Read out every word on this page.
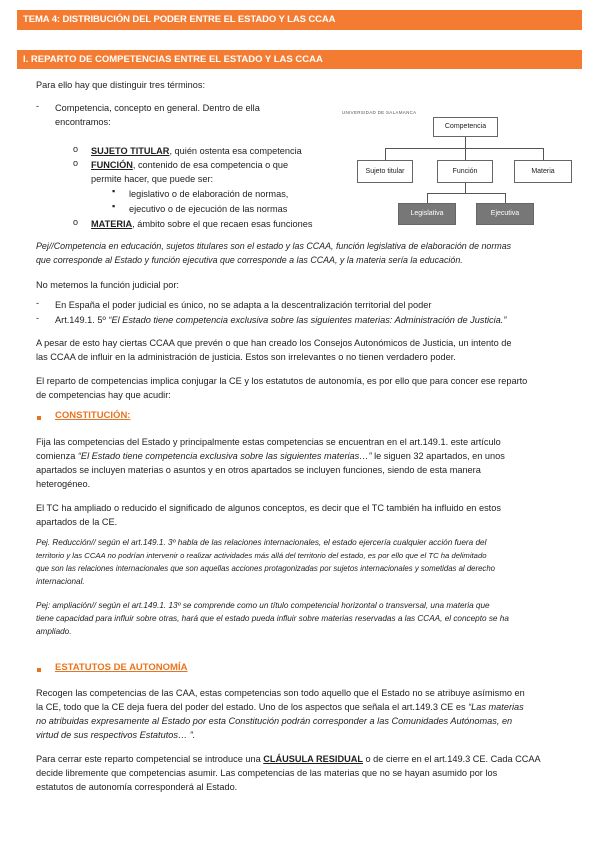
TEMA 4: DISTRIBUCIÓN DEL PODER ENTRE EL ESTADO Y LAS CCAA
I. REPARTO DE COMPETENCIAS ENTRE EL ESTADO Y LAS CCAA
Para ello hay que distinguir tres términos:
- Competencia, concepto en general. Dentro de ella
encontramos:
o SUJETO TITULAR, quién ostenta esa competencia
o FUNCIÓN, contenido de esa competencia o que
permite hacer, que puede ser:
▪ legislativo o de elaboración de normas,
▪ ejecutivo o de ejecución de las normas
o MATERIA, ámbito sobre el que recaen esas funciones
UNIVERSIDAD DE SALAMANCA
Competencia
Sujeto titular	Función	Materia
Legislativa	Ejecutiva
Pej//Competencia en educación, sujetos titulares son el estado y las CCAA, función legislativa de elaboración de normas
que corresponde al Estado y función ejecutiva que corresponde a las CCAA, y la materia sería la educación.
No metemos la función judicial por:
- En España el poder judicial es único, no se adapta a la descentralización territorial del poder
- Art.149.1. 5º “El Estado tiene competencia exclusiva sobre las siguientes materias: Administración de Justicia.”
A pesar de esto hay ciertas CCAA que prevén o que han creado los Consejos Autonómicos de Justicia, un intento de
las CCAA de influir en la administración de justicia. Estos son irrelevantes o no tienen verdadero poder.
El reparto de competencias implica conjugar la CE y los estatutos de autonomía, es por ello que para concer ese reparto
de competencias hay que acudir:
CONSTITUCIÓN:
Fija las competencias del Estado y principalmente estas competencias se encuentran en el art.149.1. este artículo
comienza “El Estado tiene competencia exclusiva sobre las siguientes materias…” le siguen 32 apartados, en unos
apartados se incluyen materias o asuntos y en otros apartados se incluyen funciones, siendo de esta manera
heterogéneo.
El TC ha ampliado o reducido el significado de algunos conceptos, es decir que el TC también ha influido en estos
apartados de la CE.
Pej. Reducción// según el art.149.1. 3º habla de las relaciones internacionales, el estado ejercería cualquier acción fuera del
territorio y las CCAA no podrían intervenir o realizar actividades más allá del territorio del estado, es por ello que el TC ha delimitado
que son las relaciones internacionales que son aquellas acciones protagonizadas por sujetos internacionales y sometidas al derecho
internacional.
Pej: ampliación// según el art.149.1. 13º se comprende como un título competencial horizontal o transversal, una materia que
tiene capacidad para influir sobre otras, hará que el estado pueda influir sobre materias reservadas a las CCAA, el concepto se ha
ampliado.
ESTATUTOS DE AUTONOMÍA
Recogen las competencias de las CAA, estas competencias son todo aquello que el Estado no se atribuye asímismo en
la CE, todo que la CE deja fuera del poder del estado. Uno de los aspectos que señala el art.149.3 CE es “Las materias
no atribuidas expresamente al Estado por esta Constitución podrán corresponder a las Comunidades Autónomas, en
virtud de sus respectivos Estatutos… ”.
Para cerrar este reparto competencial se introduce una CLÁUSULA RESIDUAL o de cierre en el art.149.3 CE. Cada CCAA
decide libremente que competencias asumir. Las competencias de las materias que no se hayan asumido por los
estatutos de autonomía corresponderá al Estado.
